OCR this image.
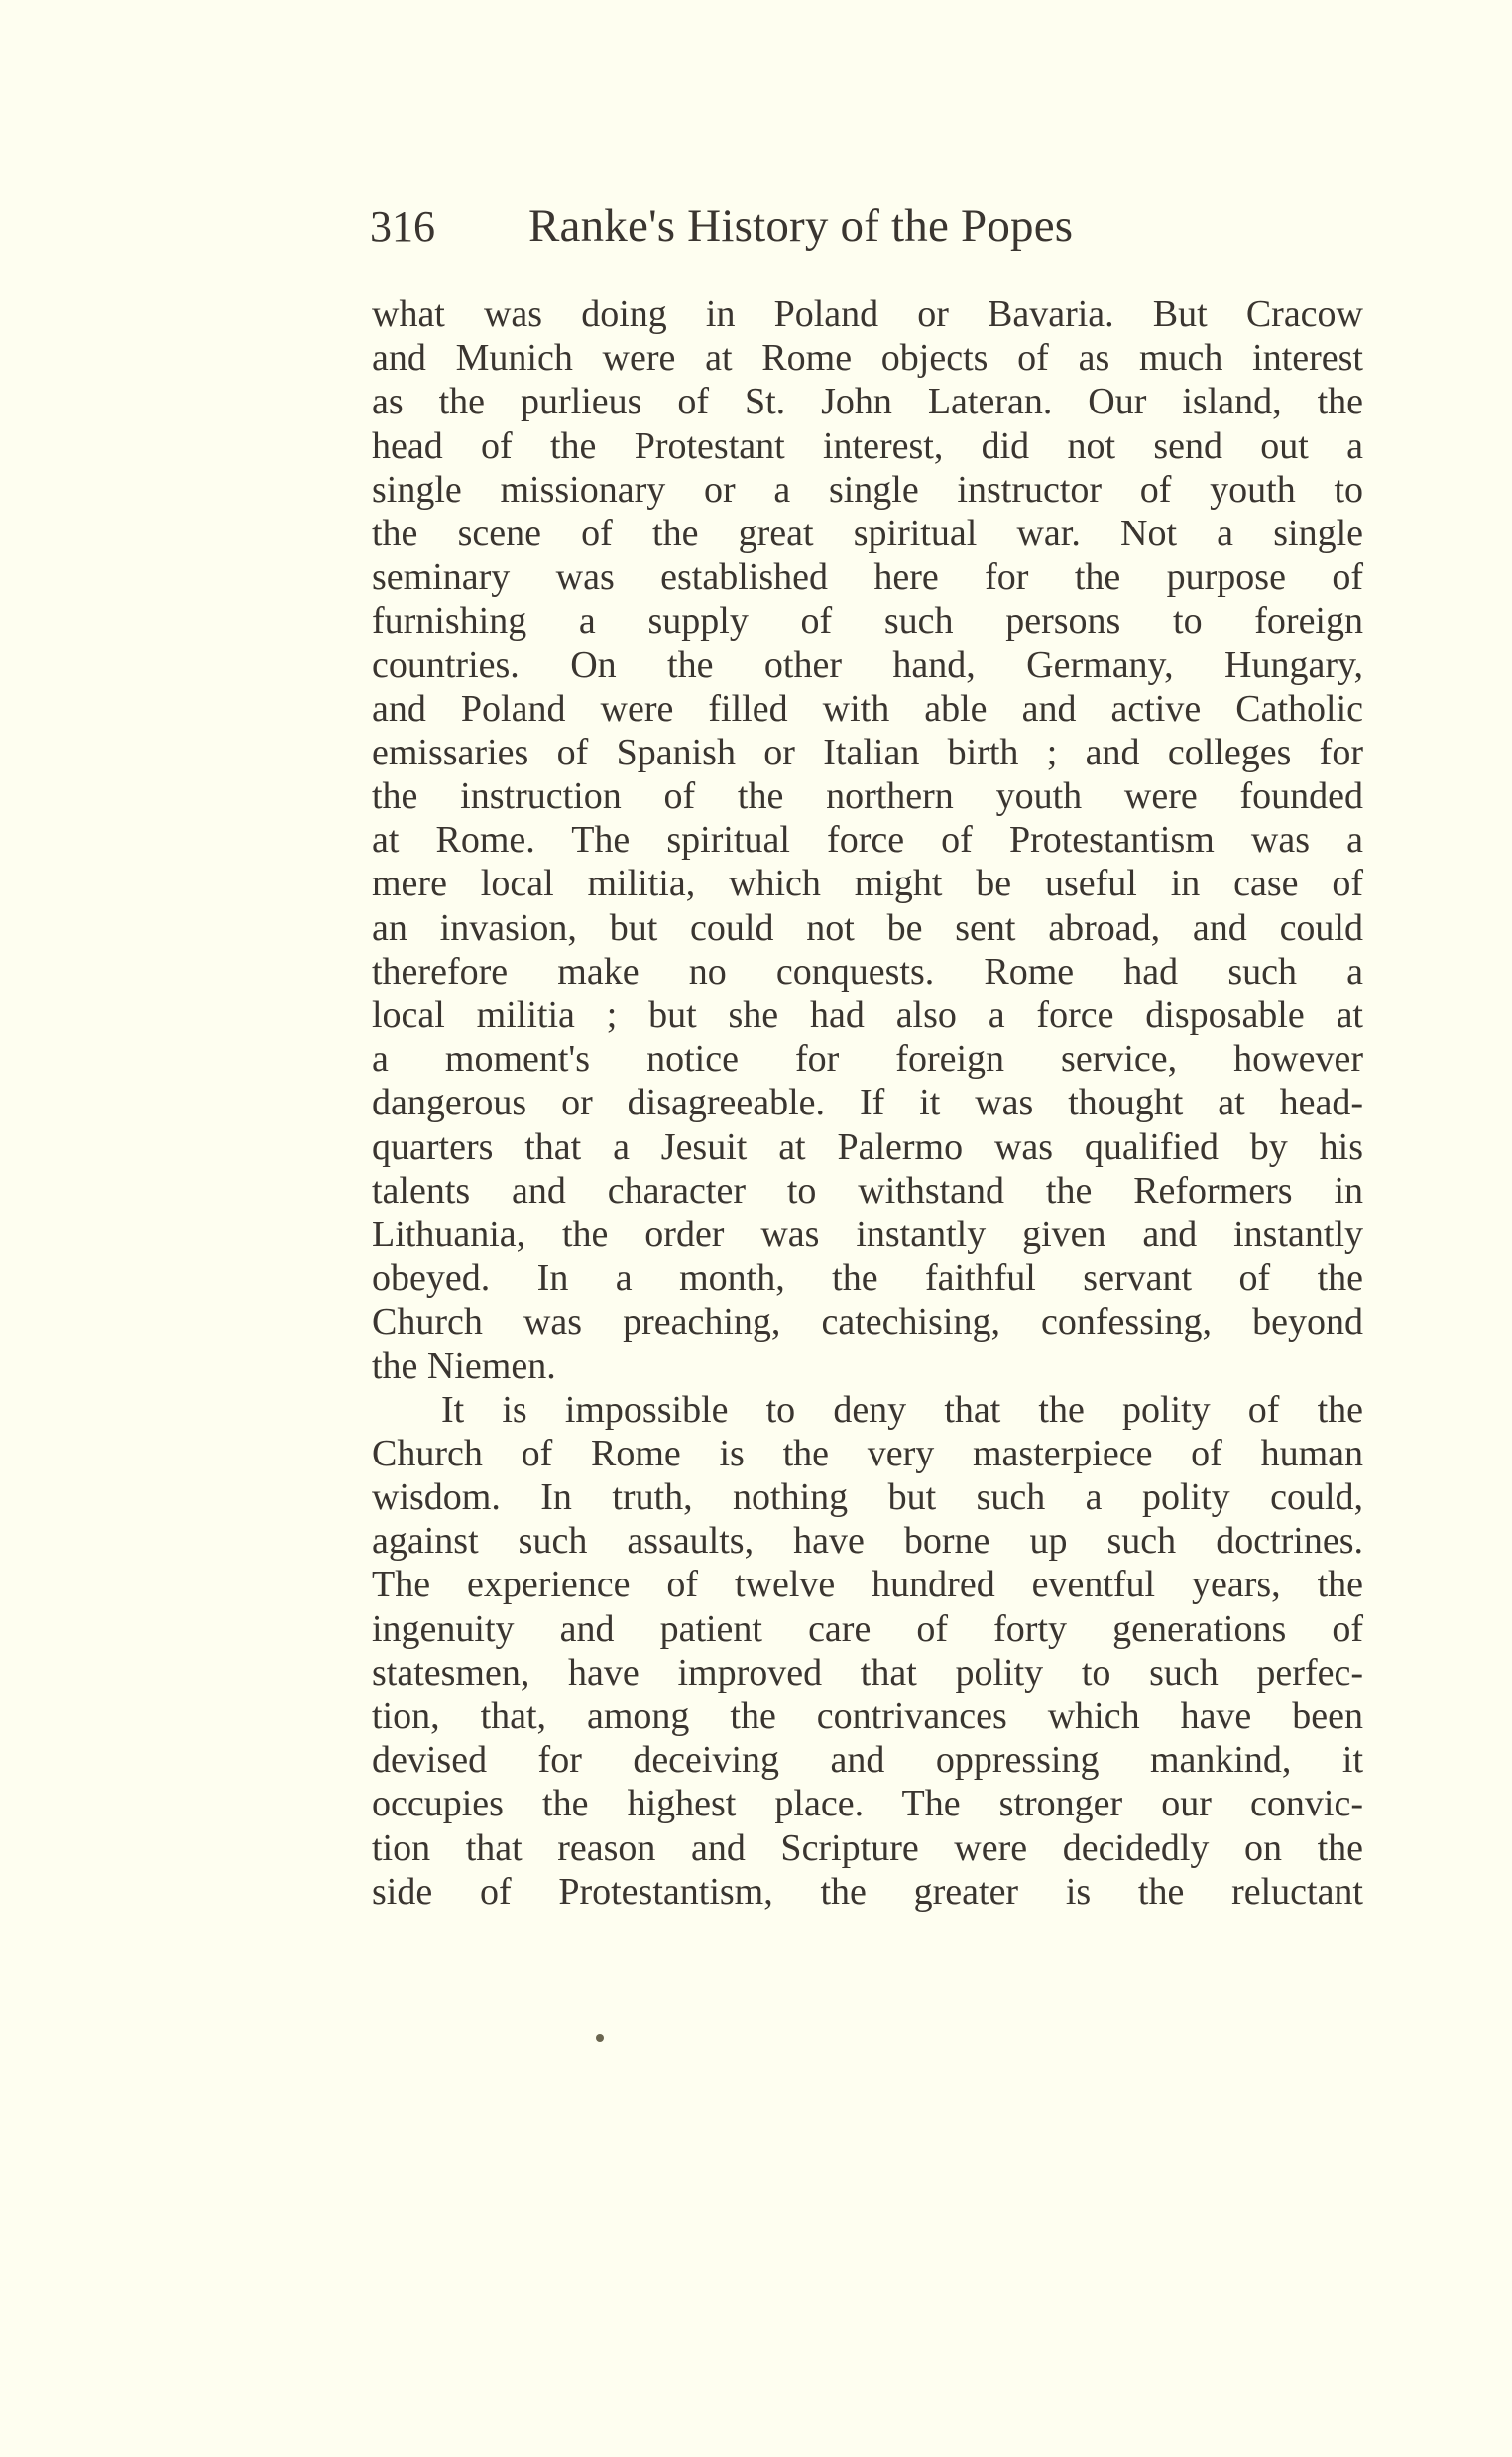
316 Ranke's History of the Popes
what was doing in Poland or Bavaria. But Cracow
and Munich were at Rome objects of as much interest
as the purlieus of St. John Lateran. Our island, the
head of the Protestant interest, did not send out a
single missionary or a single instructor of youth to
the scene of the great spiritual war. Not a single
seminary was established here for the purpose of
furnishing a supply of such persons to foreign
countries. On the other hand, Germany, Hungary,
and Poland were filled with able and active Catholic
emissaries of Spanish or Italian birth ; and colleges for
the instruction of the northern youth were founded
at Rome. The spiritual force of Protestantism was a
mere local militia, which might be useful in case of
an invasion, but could not be sent abroad, and could
therefore make no conquests. Rome had such a
local militia ; but she had also a force disposable at
a moment's notice for foreign service, however
dangerous or disagreeable. If it was thought at head-
quarters that a Jesuit at Palermo was qualified by his
talents and character to withstand the Reformers in
Lithuania, the order was instantly given and instantly
obeyed. In a month, the faithful servant of the
Church was preaching, catechising, confessing, beyond
the Niemen.
It is impossible to deny that the polity of the
Church of Rome is the very masterpiece of human
wisdom. In truth, nothing but such a polity could,
against such assaults, have borne up such doctrines.
The experience of twelve hundred eventful years, the
ingenuity and patient care of forty generations of
statesmen, have improved that polity to such perfec-
tion, that, among the contrivances which have been
devised for deceiving and oppressing mankind, it
occupies the highest place. The stronger our convic-
tion that reason and Scripture were decidedly on the
side of Protestantism, the greater is the reluctant
